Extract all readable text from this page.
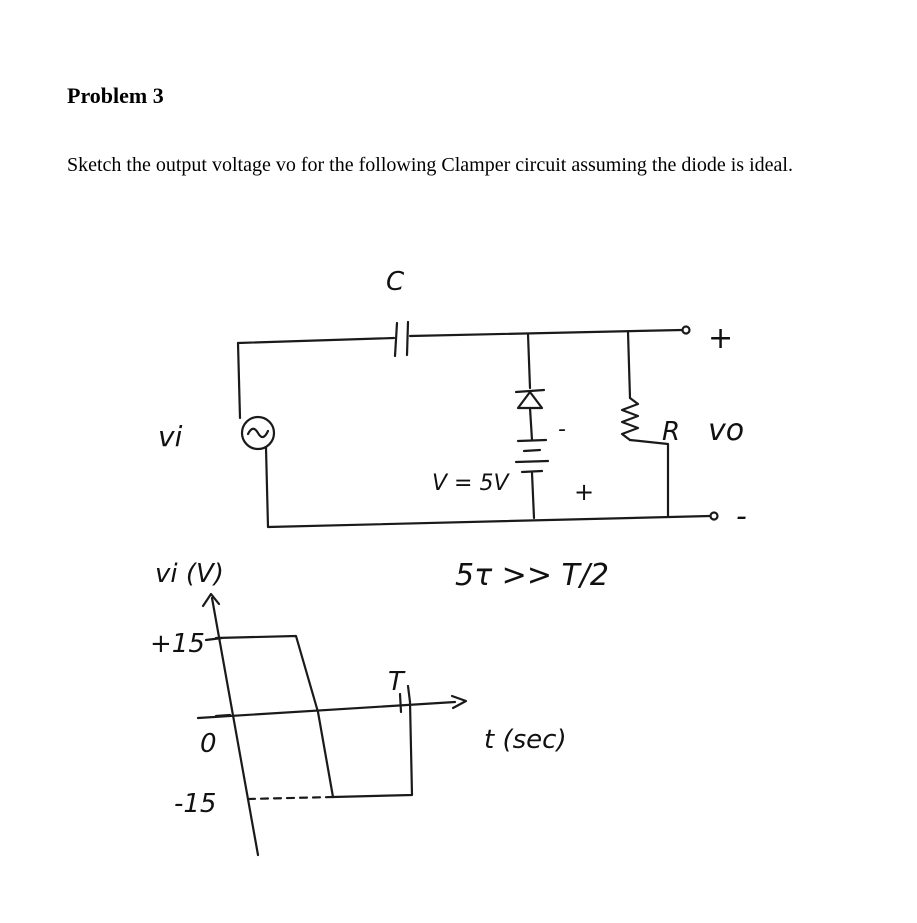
Problem 3

Sketch the output voltage vo for the following Clamper circuit assuming the diode is ideal.

C
vi
V = 5V
-
+
R vo
+
-
5τ >> T/2
vi (V)
+15
0
-15
T
t (sec)
